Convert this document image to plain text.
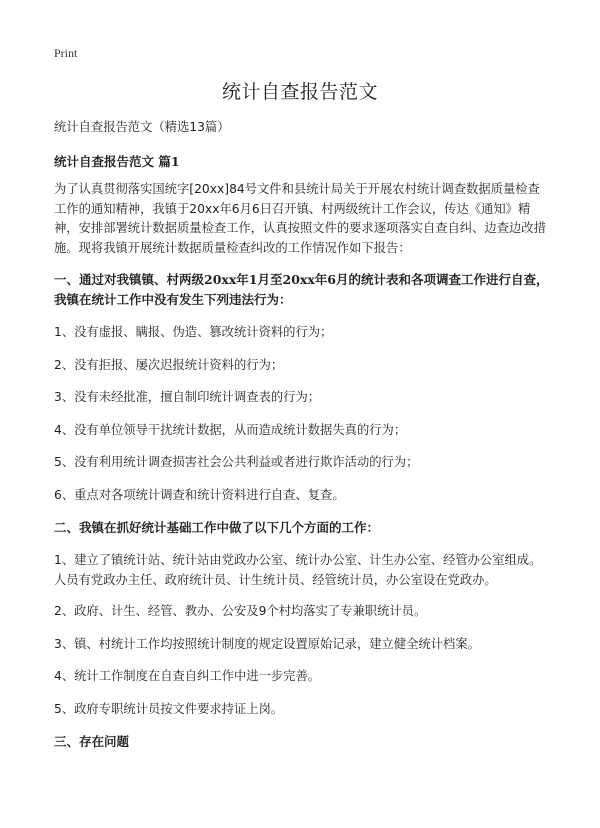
Print
统计自查报告范文

统计自查报告范文（精选13篇）

统计自查报告范文 篇1

为了认真贯彻落实国统字[20xx]84号文件和县统计局关于开展农村统计调查数据质量检查工作的通知精神，我镇于20xx年6月6日召开镇、村两级统计工作会议，传达《通知》精神，安排部署统计数据质量检查工作，认真按照文件的要求逐项落实自查自纠、边查边改措施。现将我镇开展统计数据质量检查纠改的工作情况作如下报告：

一、通过对我镇镇、村两级20xx年1月至20xx年6月的统计表和各项调查工作进行自查，我镇在统计工作中没有发生下列违法行为：

1、没有虚报、瞒报、伪造、篡改统计资料的行为；

2、没有拒报、屡次迟报统计资料的行为；

3、没有未经批准，擅自制印统计调查表的行为；

4、没有单位领导干扰统计数据，从而造成统计数据失真的行为；

5、没有利用统计调查损害社会公共利益或者进行欺诈活动的行为；

6、重点对各项统计调查和统计资料进行自查、复查。

二、我镇在抓好统计基础工作中做了以下几个方面的工作：

1、建立了镇统计站、统计站由党政办公室、统计办公室、计生办公室、经管办公室组成。人员有党政办主任、政府统计员、计生统计员、经管统计员，办公室设在党政办。

2、政府、计生、经管、教办、公安及9个村均落实了专兼职统计员。

3、镇、村统计工作均按照统计制度的规定设置原始记录，建立健全统计档案。

4、统计工作制度在自查自纠工作中进一步完善。

5、政府专职统计员按文件要求持证上岗。

三、存在问题
